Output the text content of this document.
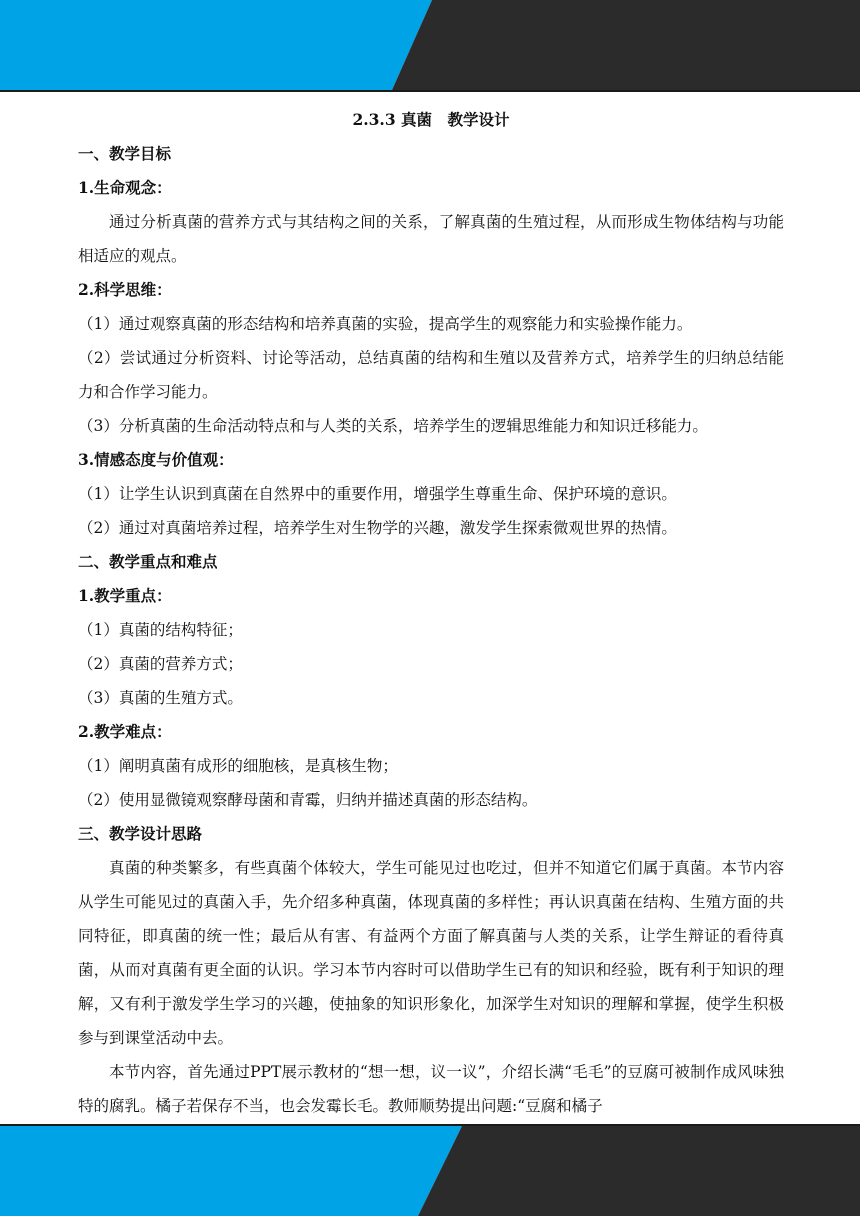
2.3.3 真菌　教学设计
一、教学目标
1.生命观念：
通过分析真菌的营养方式与其结构之间的关系，了解真菌的生殖过程，从而形成生物体结构与功能相适应的观点。
2.科学思维：
（1）通过观察真菌的形态结构和培养真菌的实验，提高学生的观察能力和实验操作能力。
（2）尝试通过分析资料、讨论等活动，总结真菌的结构和生殖以及营养方式，培养学生的归纳总结能力和合作学习能力。
（3）分析真菌的生命活动特点和与人类的关系，培养学生的逻辑思维能力和知识迁移能力。
3.情感态度与价值观：
（1）让学生认识到真菌在自然界中的重要作用，增强学生尊重生命、保护环境的意识。
（2）通过对真菌培养过程，培养学生对生物学的兴趣，激发学生探索微观世界的热情。
二、教学重点和难点
1.教学重点：
（1）真菌的结构特征；
（2）真菌的营养方式；
（3）真菌的生殖方式。
2.教学难点：
（1）阐明真菌有成形的细胞核，是真核生物；
（2）使用显微镜观察酵母菌和青霉，归纳并描述真菌的形态结构。
三、教学设计思路
真菌的种类繁多，有些真菌个体较大，学生可能见过也吃过，但并不知道它们属于真菌。本节内容从学生可能见过的真菌入手，先介绍多种真菌，体现真菌的多样性；再认识真菌在结构、生殖方面的共同特征，即真菌的统一性；最后从有害、有益两个方面了解真菌与人类的关系，让学生辩证的看待真菌，从而对真菌有更全面的认识。学习本节内容时可以借助学生已有的知识和经验，既有利于知识的理解，又有利于激发学生学习的兴趣，使抽象的知识形象化，加深学生对知识的理解和掌握，使学生积极参与到课堂活动中去。
本节内容，首先通过PPT展示教材的“想一想，议一议”，介绍长满“毛毛”的豆腐可被制作成风味独特的腐乳。橘子若保存不当，也会发霉长毛。教师顺势提出问题:“豆腐和橘子
